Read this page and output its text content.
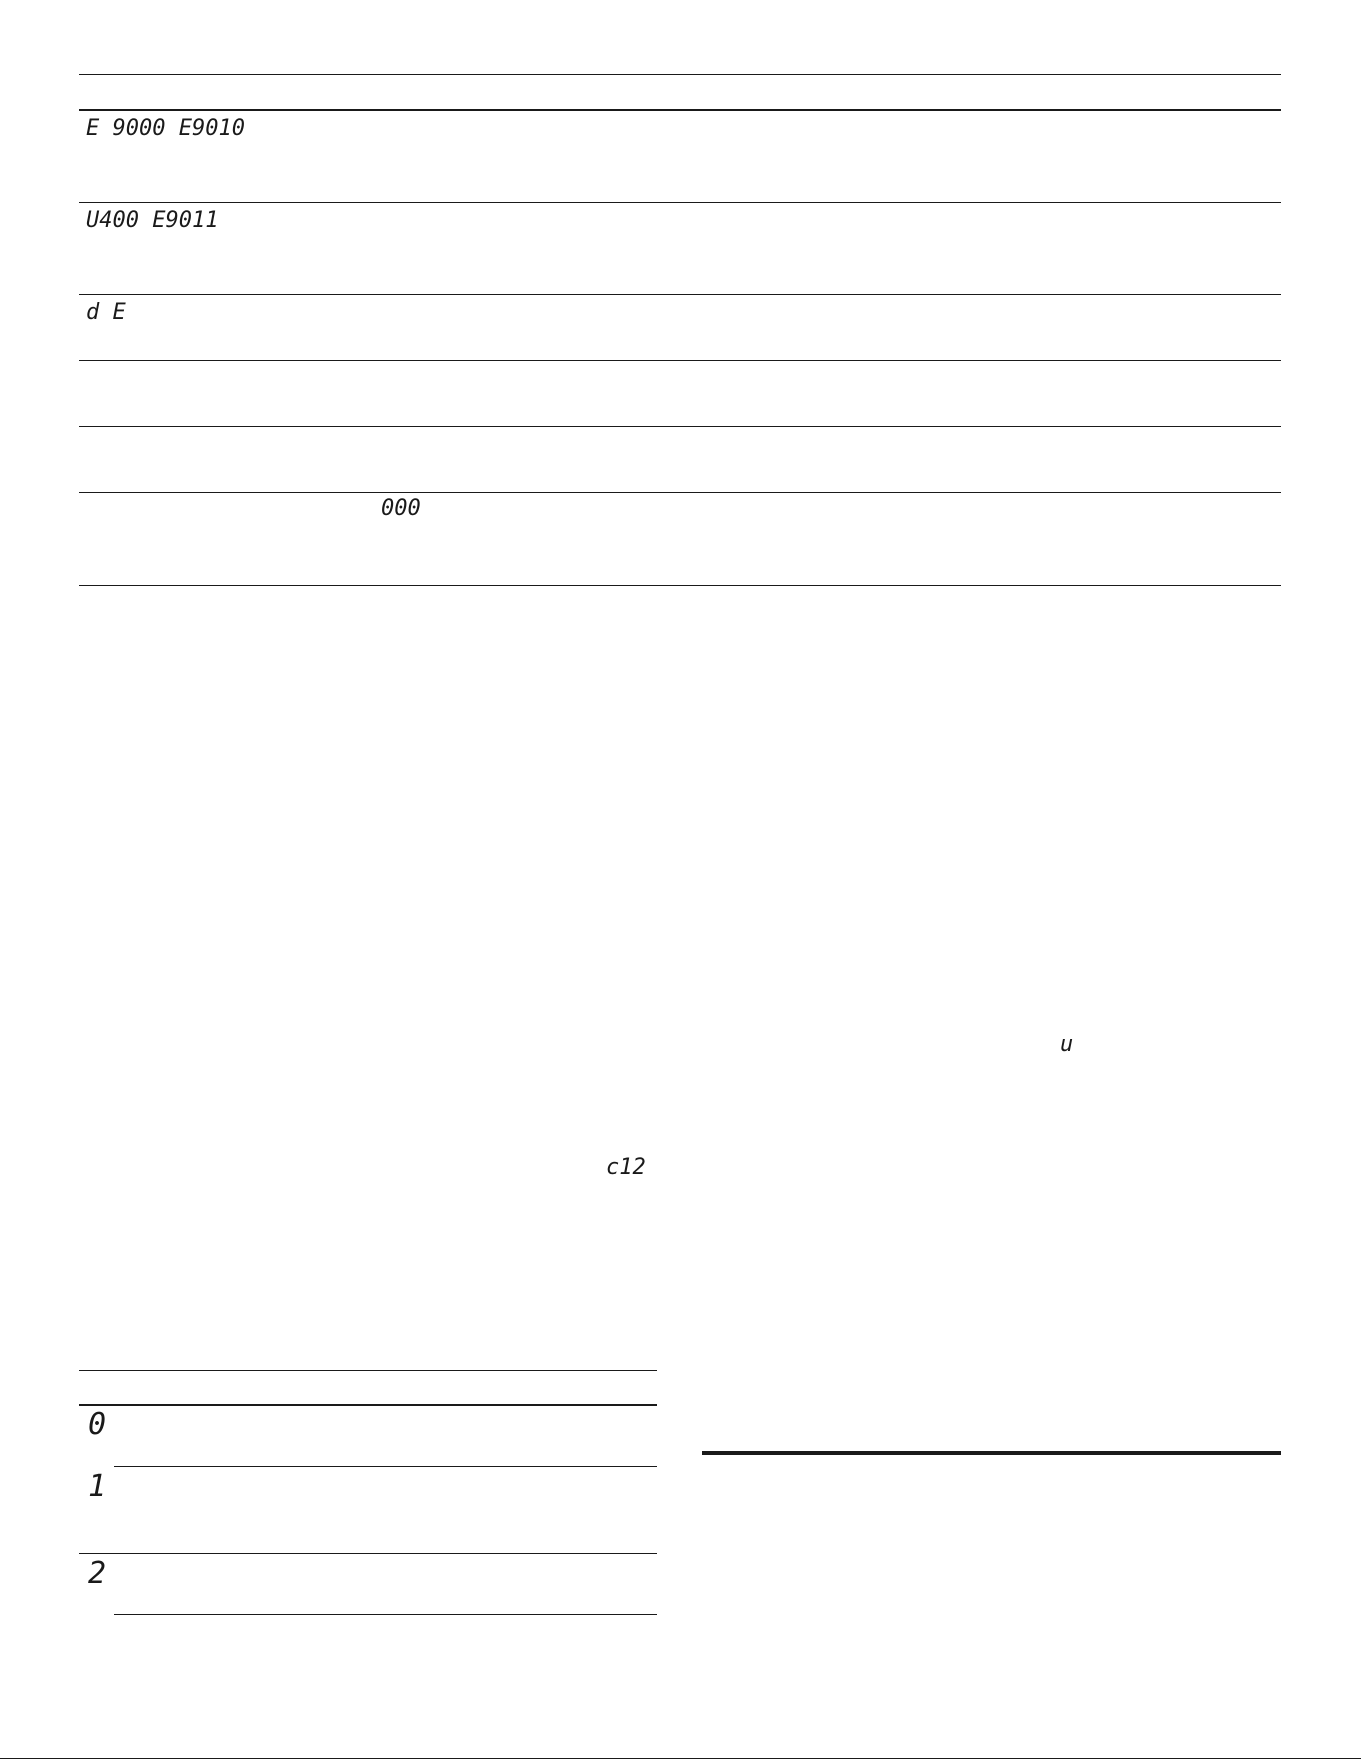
E 9000 E9010
U400 E9011
d E
000
u
c12
0
1
2
